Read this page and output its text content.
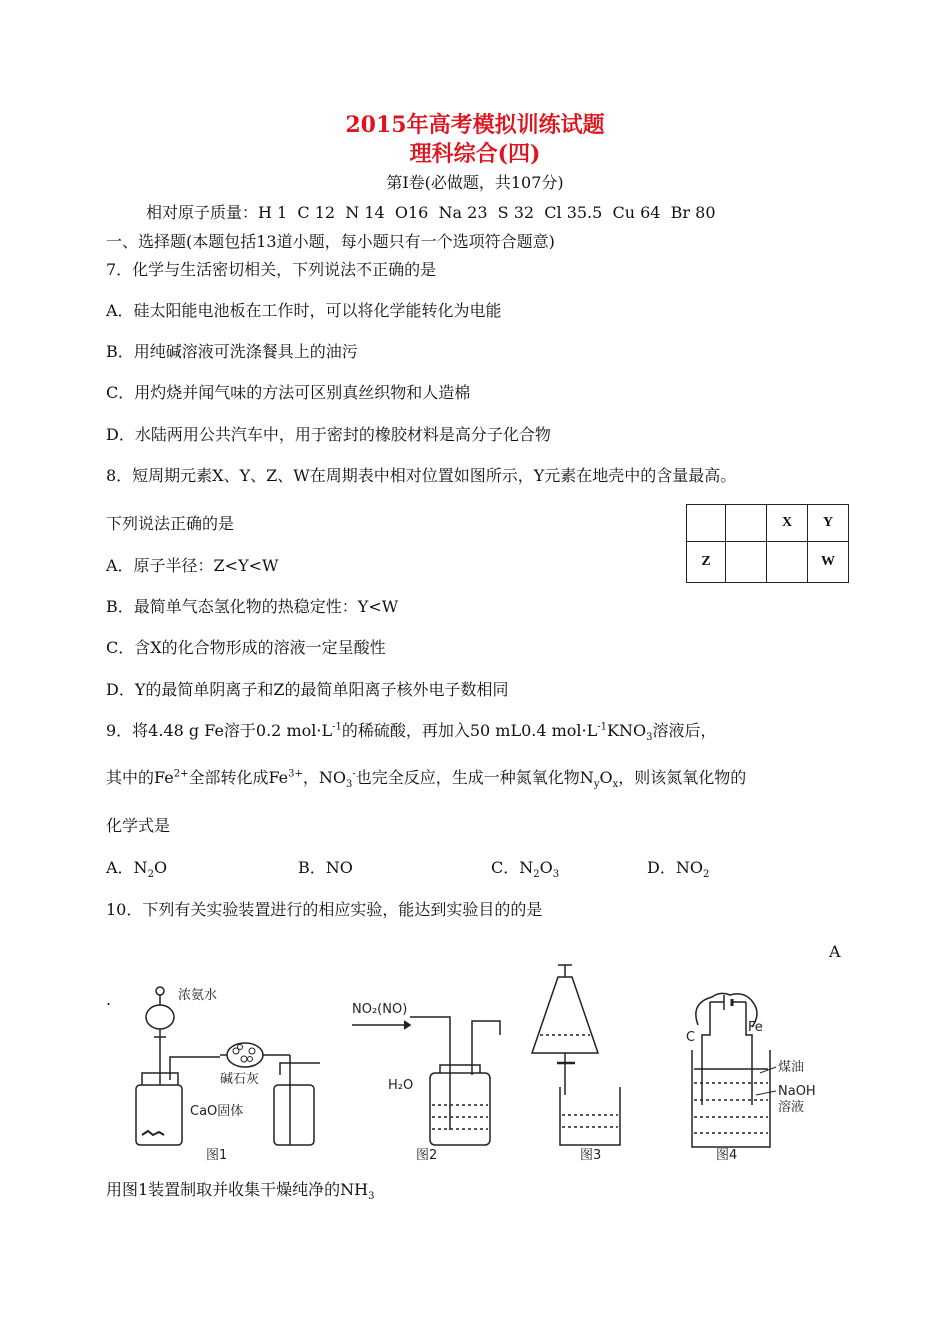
2015年高考模拟训练试题
理科综合(四)
第Ⅰ卷(必做题，共107分)
相对原子质量：H 1  C 12  N 14  O16  Na 23  S 32  Cl 35.5  Cu 64  Br 80
一、选择题(本题包括13道小题，每小题只有一个选项符合题意)
7．化学与生活密切相关，下列说法不正确的是
A．硅太阳能电池板在工作时，可以将化学能转化为电能
B．用纯碱溶液可洗涤餐具上的油污
C．用灼烧并闻气味的方法可区别真丝织物和人造棉
D．水陆两用公共汽车中，用于密封的橡胶材料是高分子化合物
8．短周期元素X、Y、Z、W在周期表中相对位置如图所示，Y元素在地壳中的含量最高。
下列说法正确的是
			X	Y
Z			W
A．原子半径：Z<Y<W
B．最简单气态氢化物的热稳定性：Y<W
C．含X的化合物形成的溶液一定呈酸性
D．Y的最简单阴离子和Z的最简单阳离子核外电子数相同
9．将4.48 g Fe溶于0.2 $mol\cdot L^{-1}$的稀硫酸，再加入50 mL0.4 $mol\cdot L^{-1}KNO_3$溶液后，
其中的$Fe^{2+}$全部转化成$Fe^{3+}$，$NO_3^-$也完全反应，生成一种氮氧化物$N_yO_x$，则该氮氧化物的
化学式是
A．$N_2O$	B．NO	C．$N_2O_3$	D．$NO_2$
10．下列有关实验装置进行的相应实验，能达到实验目的的是
A
.	浓氨水
碱石灰
CaO固体
图1
NO₂(NO)
H₂O
图2	图3
C
Fe
煤油
NaOH
溶液
图4
用图1装置制取并收集干燥纯净的$NH_3$
